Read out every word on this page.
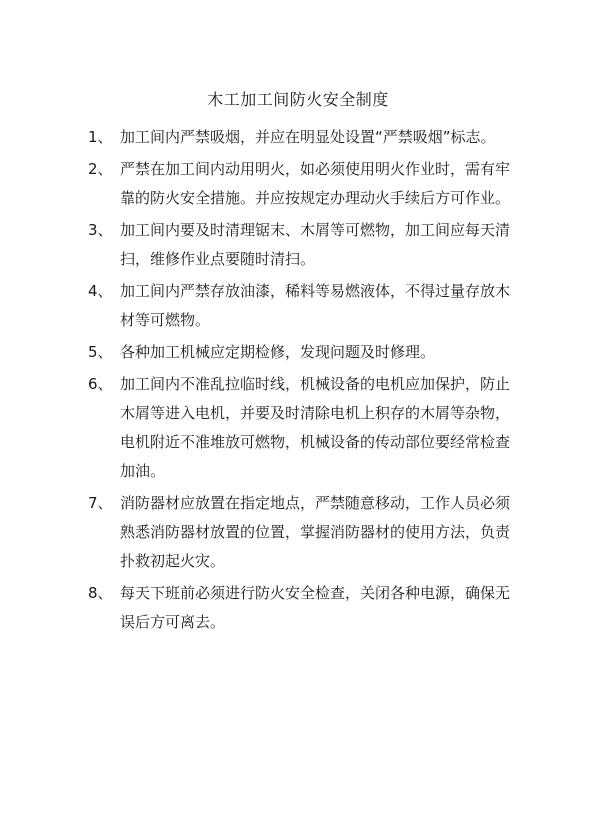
木工加工间防火安全制度
1、 加工间内严禁吸烟，并应在明显处设置“严禁吸烟”标志。
2、 严禁在加工间内动用明火，如必须使用明火作业时，需有牢靠的防火安全措施。并应按规定办理动火手续后方可作业。
3、 加工间内要及时清理锯末、木屑等可燃物，加工间应每天清扫，维修作业点要随时清扫。
4、 加工间内严禁存放油漆，稀料等易燃液体，不得过量存放木材等可燃物。
5、 各种加工机械应定期检修，发现问题及时修理。
6、 加工间内不准乱拉临时线，机械设备的电机应加保护，防止木屑等进入电机，并要及时清除电机上积存的木屑等杂物，电机附近不准堆放可燃物，机械设备的传动部位要经常检查加油。
7、 消防器材应放置在指定地点，严禁随意移动，工作人员必须熟悉消防器材放置的位置，掌握消防器材的使用方法，负责扑救初起火灾。
8、 每天下班前必须进行防火安全检查，关闭各种电源，确保无误后方可离去。
